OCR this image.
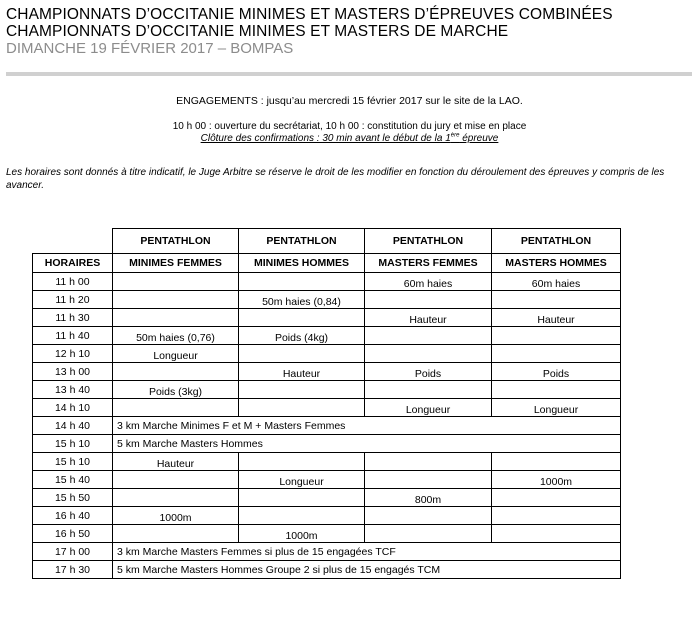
CHAMPIONNATS D’OCCITANIE MINIMES ET MASTERS D’ÉPREUVES COMBINÉES
CHAMPIONNATS D’OCCITANIE MINIMES ET MASTERS DE MARCHE
DIMANCHE 19 FÉVRIER 2017 – BOMPAS
ENGAGEMENTS : jusqu’au mercredi 15 février 2017 sur le site de la LAO.
10 h 00 : ouverture du secrétariat, 10 h 00 : constitution du jury et mise en place
Clôture des confirmations : 30 min avant le début de la 1ère épreuve
Les horaires sont donnés à titre indicatif, le Juge Arbitre se réserve le droit de les modifier en fonction du déroulement des épreuves y compris de les avancer.
	PENTATHLON	PENTATHLON	PENTATHLON	PENTATHLON
HORAIRES	MINIMES FEMMES	MINIMES HOMMES	MASTERS FEMMES	MASTERS HOMMES
11 h 00			60m haies	60m haies
11 h 20		50m haies (0,84)		
11 h 30			Hauteur	Hauteur
11 h 40	50m haies (0,76)	Poids (4kg)		
12 h 10	Longueur			
13 h 00		Hauteur	Poids	Poids
13 h 40	Poids (3kg)			
14 h 10			Longueur	Longueur
14 h 40	3 km Marche Minimes F et M + Masters Femmes			
15 h 10	5 km Marche Masters Hommes			
15 h 10	Hauteur			
15 h 40		Longueur		1000m
15 h 50			800m	
16 h 40	1000m			
16 h 50		1000m		
17 h 00	3 km Marche Masters Femmes si plus de 15 engagées TCF			
17 h 30	5 km Marche Masters Hommes Groupe 2 si plus de 15 engagés TCM			
